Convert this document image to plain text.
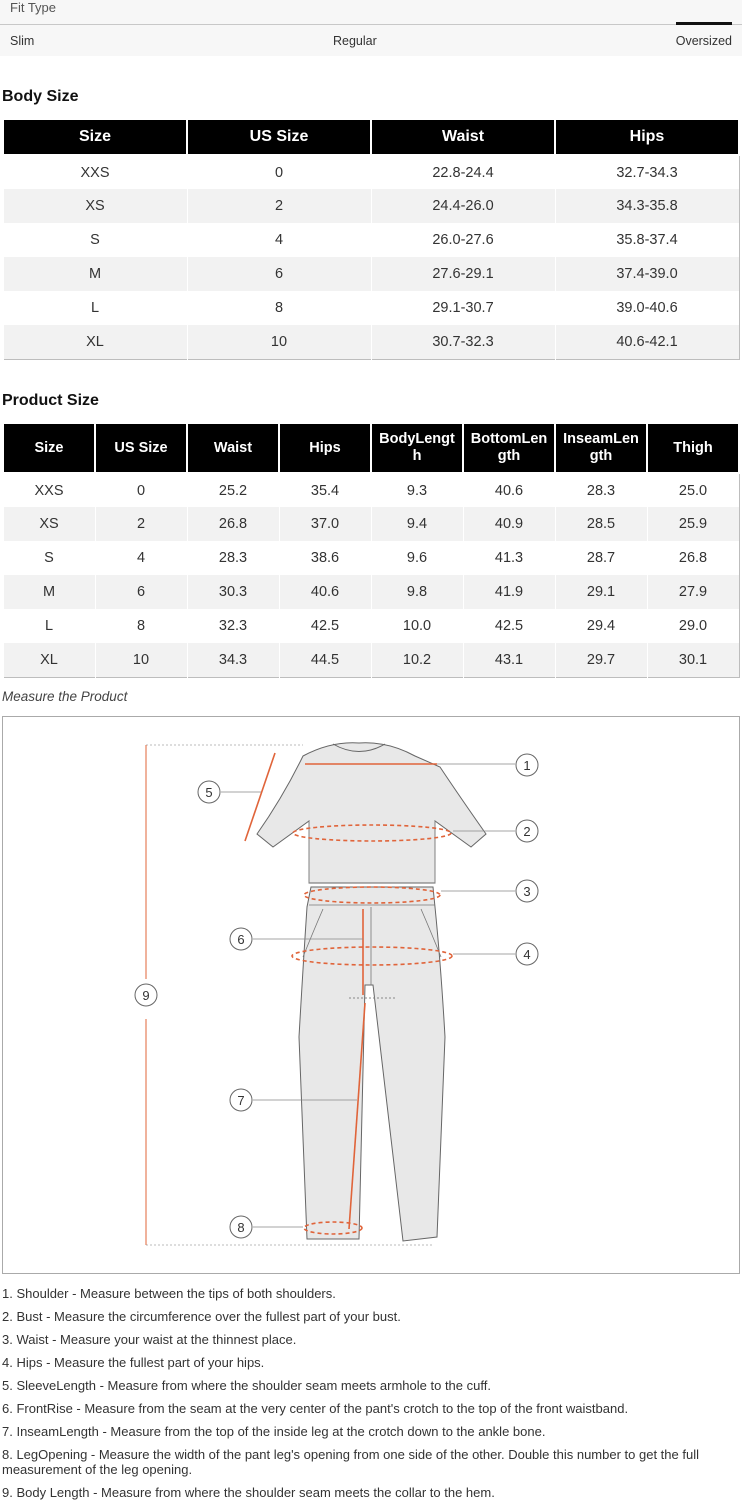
Fit Type
Slim	Regular	Oversized
Body Size
Size	US Size	Waist	Hips
XXS	0	22.8-24.4	32.7-34.3
XS	2	24.4-26.0	34.3-35.8
S	4	26.0-27.6	35.8-37.4
M	6	27.6-29.1	37.4-39.0
L	8	29.1-30.7	39.0-40.6
XL	10	30.7-32.3	40.6-42.1
Product Size
Size	US Size	Waist	Hips	BodyLength	BottomLength	InseamLength	Thigh
XXS	0	25.2	35.4	9.3	40.6	28.3	25.0
XS	2	26.8	37.0	9.4	40.9	28.5	25.9
S	4	28.3	38.6	9.6	41.3	28.7	26.8
M	6	30.3	40.6	9.8	41.9	29.1	27.9
L	8	32.3	42.5	10.0	42.5	29.4	29.0
XL	10	34.3	44.5	10.2	43.1	29.7	30.1
Measure the Product
1
2
3
4
5
6
7
8
9

1. Shoulder - Measure between the tips of both shoulders.

2. Bust - Measure the circumference over the fullest part of your bust.

3. Waist - Measure your waist at the thinnest place.

4. Hips - Measure the fullest part of your hips.

5. SleeveLength - Measure from where the shoulder seam meets armhole to the cuff.

6. FrontRise - Measure from the seam at the very center of the pant's crotch to the top of the front waistband.

7. InseamLength - Measure from the top of the inside leg at the crotch down to the ankle bone.

8. LegOpening - Measure the width of the pant leg's opening from one side of the other. Double this number to get the full measurement of the leg opening.

9. Body Length - Measure from where the shoulder seam meets the collar to the hem.
